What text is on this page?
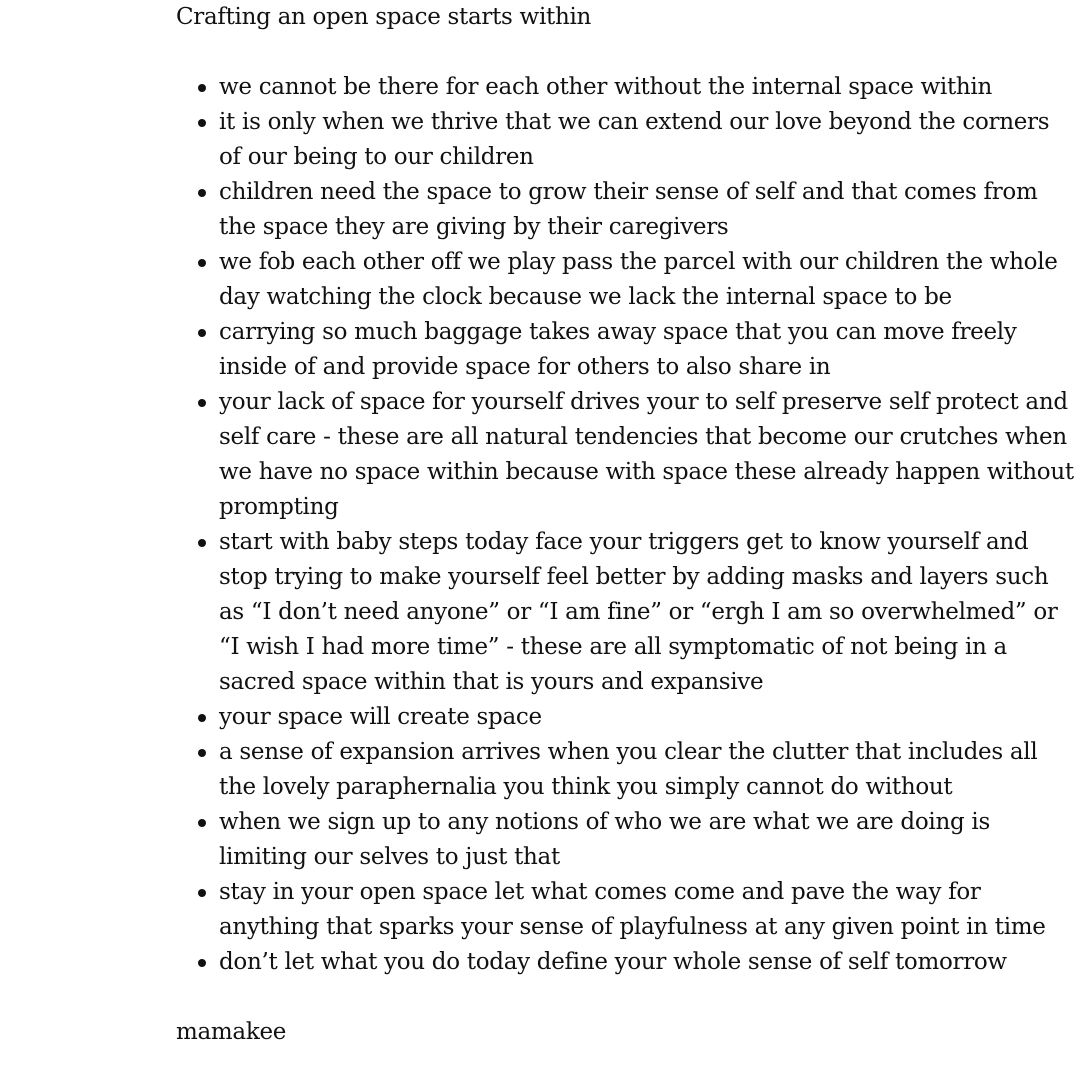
Crafting an open space starts within

we cannot be there for each other without the internal space within
it is only when we thrive that we can extend our love beyond the corners of our being to our children
children need the space to grow their sense of self and that comes from the space they are giving by their caregivers
we fob each other off we play pass the parcel with our children the whole day watching the clock because we lack the internal space to be
carrying so much baggage takes away space that you can move freely inside of and provide space for others to also share in
your lack of space for yourself drives your to self preserve self protect and self care - these are all natural tendencies that become our crutches when we have no space within because with space these already happen without prompting
start with baby steps today face your triggers get to know yourself and stop trying to make yourself feel better by adding masks and layers such as “I don’t need anyone” or “I am fine” or “ergh I am so overwhelmed” or “I wish I had more time” - these are all symptomatic of not being in a sacred space within that is yours and expansive
your space will create space
a sense of expansion arrives when you clear the clutter that includes all the lovely paraphernalia you think you simply cannot do without
when we sign up to any notions of who we are what we are doing is limiting our selves to just that
stay in your open space let what comes come and pave the way for anything that sparks your sense of playfulness at any given point in time
don’t let what you do today define your whole sense of self tomorrow

mamakee
